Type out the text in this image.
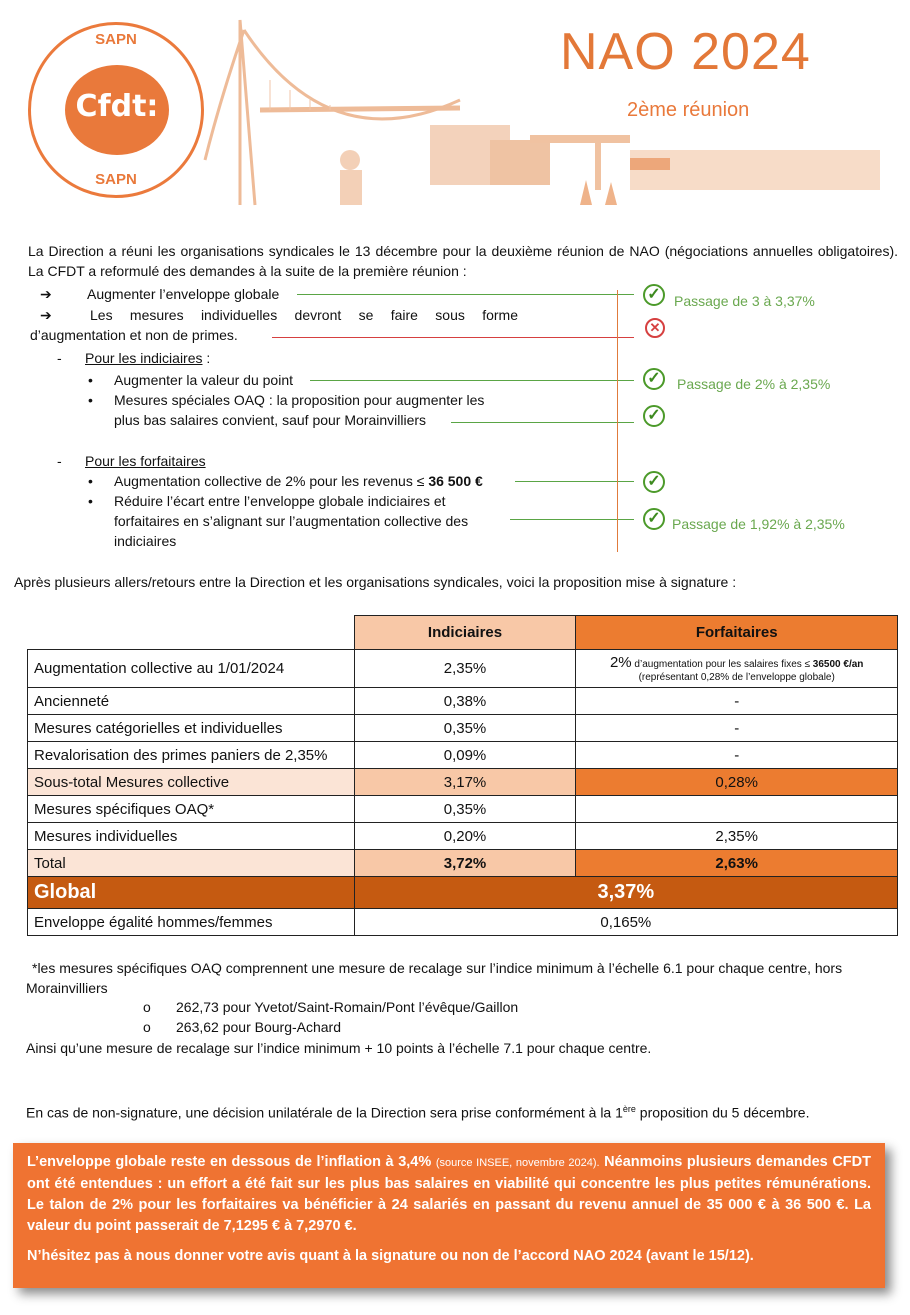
SAPN
Cfdt:
SAPN
NAO 2024
2ème réunion
La Direction a réuni les organisations syndicales le 13 décembre pour la deuxième réunion de NAO (négociations annuelles obligatoires). La CFDT a reformulé des demandes à la suite de la première réunion :
➔	Augmenter l’enveloppe globale
➔	Les mesures individuelles devront se faire sous forme d’augmentation et non de primes.
- Pour les indiciaires :
• Augmenter la valeur du point
• Mesures spéciales OAQ : la proposition pour augmenter les plus bas salaires convient, sauf pour Morainvilliers
- Pour les forfaitaires
• Augmentation collective de 2% pour les revenus ≤ 36 500 €
• Réduire l’écart entre l’enveloppe globale indiciaires et forfaitaires en s’alignant sur l’augmentation collective des indiciaires
✓ Passage de 3 à 3,37%
✕
✓	Passage de 2% à 2,35%
✓
✓
✓ Passage de 1,92% à 2,35%
Après plusieurs allers/retours entre la Direction et les organisations syndicales, voici la proposition mise à signature :
	Indiciaires	Forfaitaires
Augmentation collective au 1/01/2024	2,35%	2% d’augmentation pour les salaires fixes ≤ 36500 €/an
(représentant 0,28% de l’enveloppe globale)

Ancienneté	0,38%	-
Mesures catégorielles et individuelles	0,35%	-
Revalorisation des primes paniers de 2,35%	0,09%	-
Sous-total Mesures collective	3,17%	0,28%
Mesures spécifiques OAQ*	0,35%	
Mesures individuelles	0,20%	2,35%
Total	3,72%	2,63%
Global	3,37%	
Enveloppe égalité hommes/femmes	0,165%	
*les mesures spécifiques OAQ comprennent une mesure de recalage sur l’indice minimum à l’échelle 6.1 pour chaque centre, hors Morainvilliers
o 262,73 pour Yvetot/Saint-Romain/Pont l’évêque/Gaillon
o 263,62 pour Bourg-Achard
Ainsi qu’une mesure de recalage sur l’indice minimum + 10 points à l’échelle 7.1 pour chaque centre.
En cas de non-signature, une décision unilatérale de la Direction sera prise conformément à la 1ère proposition du 5 décembre.
L’enveloppe globale reste en dessous de l’inflation à 3,4% (source INSEE, novembre 2024). Néanmoins plusieurs demandes CFDT ont été entendues : un effort a été fait sur les plus bas salaires en viabilité qui concentre les plus petites rémunérations. Le talon de 2% pour les forfaitaires va bénéficier à 24 salariés en passant du revenu annuel de 35 000 € à 36 500 €. La valeur du point passerait de 7,1295 € à 7,2970 €.
N’hésitez pas à nous donner votre avis quant à la signature ou non de l’accord NAO 2024 (avant le 15/12).
